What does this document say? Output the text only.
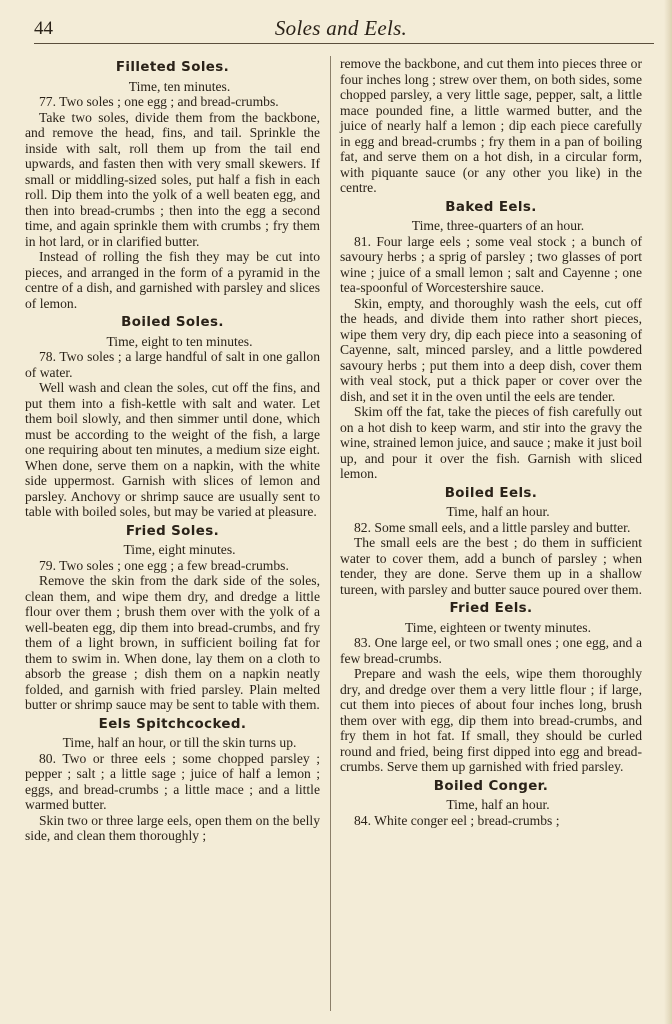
44	Soles and Eels.
Filleted Soles.

Time, ten minutes.

77. Two soles ; one egg ; and bread-crumbs.

Take two soles, divide them from the backbone, and remove the head, fins, and tail. Sprinkle the inside with salt, roll them up from the tail end upwards, and fasten then with very small skewers. If small or middling-sized soles, put half a fish in each roll. Dip them into the yolk of a well beaten egg, and then into bread-crumbs ; then into the egg a second time, and again sprinkle them with crumbs ; fry them in hot lard, or in clarified butter.

Instead of rolling the fish they may be cut into pieces, and arranged in the form of a pyramid in the centre of a dish, and garnished with parsley and slices of lemon.

Boiled Soles.

Time, eight to ten minutes.

78. Two soles ; a large handful of salt in one gallon of water.

Well wash and clean the soles, cut off the fins, and put them into a fish-kettle with salt and water. Let them boil slowly, and then simmer until done, which must be according to the weight of the fish, a large one requiring about ten minutes, a medium size eight. When done, serve them on a napkin, with the white side uppermost. Garnish with slices of lemon and parsley. Anchovy or shrimp sauce are usually sent to table with boiled soles, but may be varied at pleasure.

Fried Soles.

Time, eight minutes.

79. Two soles ; one egg ; a few bread-crumbs.

Remove the skin from the dark side of the soles, clean them, and wipe them dry, and dredge a little flour over them ; brush them over with the yolk of a well-beaten egg, dip them into bread-crumbs, and fry them of a light brown, in sufficient boiling fat for them to swim in. When done, lay them on a cloth to absorb the grease ; dish them on a napkin neatly folded, and garnish with fried parsley. Plain melted butter or shrimp sauce may be sent to table with them.

Eels Spitchcocked.

Time, half an hour, or till the skin turns up.

80. Two or three eels ; some chopped parsley ; pepper ; salt ; a little sage ; juice of half a lemon ; eggs, and bread-crumbs ; a little mace ; and a little warmed butter.

Skin two or three large eels, open them on the belly side, and clean them thoroughly ;

remove the backbone, and cut them into pieces three or four inches long ; strew over them, on both sides, some chopped parsley, a very little sage, pepper, salt, a little mace pounded fine, a little warmed butter, and the juice of nearly half a lemon ; dip each piece carefully in egg and bread-crumbs ; fry them in a pan of boiling fat, and serve them on a hot dish, in a circular form, with piquante sauce (or any other you like) in the centre.

Baked Eels.

Time, three-quarters of an hour.

81. Four large eels ; some veal stock ; a bunch of savoury herbs ; a sprig of parsley ; two glasses of port wine ; juice of a small lemon ; salt and Cayenne ; one tea-spoonful of Worcestershire sauce.

Skin, empty, and thoroughly wash the eels, cut off the heads, and divide them into rather short pieces, wipe them very dry, dip each piece into a seasoning of Cayenne, salt, minced parsley, and a little powdered savoury herbs ; put them into a deep dish, cover them with veal stock, put a thick paper or cover over the dish, and set it in the oven until the eels are tender.

Skim off the fat, take the pieces of fish carefully out on a hot dish to keep warm, and stir into the gravy the wine, strained lemon juice, and sauce ; make it just boil up, and pour it over the fish. Garnish with sliced lemon.

Boiled Eels.

Time, half an hour.

82. Some small eels, and a little parsley and butter.

The small eels are the best ; do them in sufficient water to cover them, add a bunch of parsley ; when tender, they are done. Serve them up in a shallow tureen, with parsley and butter sauce poured over them.

Fried Eels.

Time, eighteen or twenty minutes.

83. One large eel, or two small ones ; one egg, and a few bread-crumbs.

Prepare and wash the eels, wipe them thoroughly dry, and dredge over them a very little flour ; if large, cut them into pieces of about four inches long, brush them over with egg, dip them into bread-crumbs, and fry them in hot fat. If small, they should be curled round and fried, being first dipped into egg and bread-crumbs. Serve them up garnished with fried parsley.

Boiled Conger.

Time, half an hour.

84. White conger eel ; bread-crumbs ;
